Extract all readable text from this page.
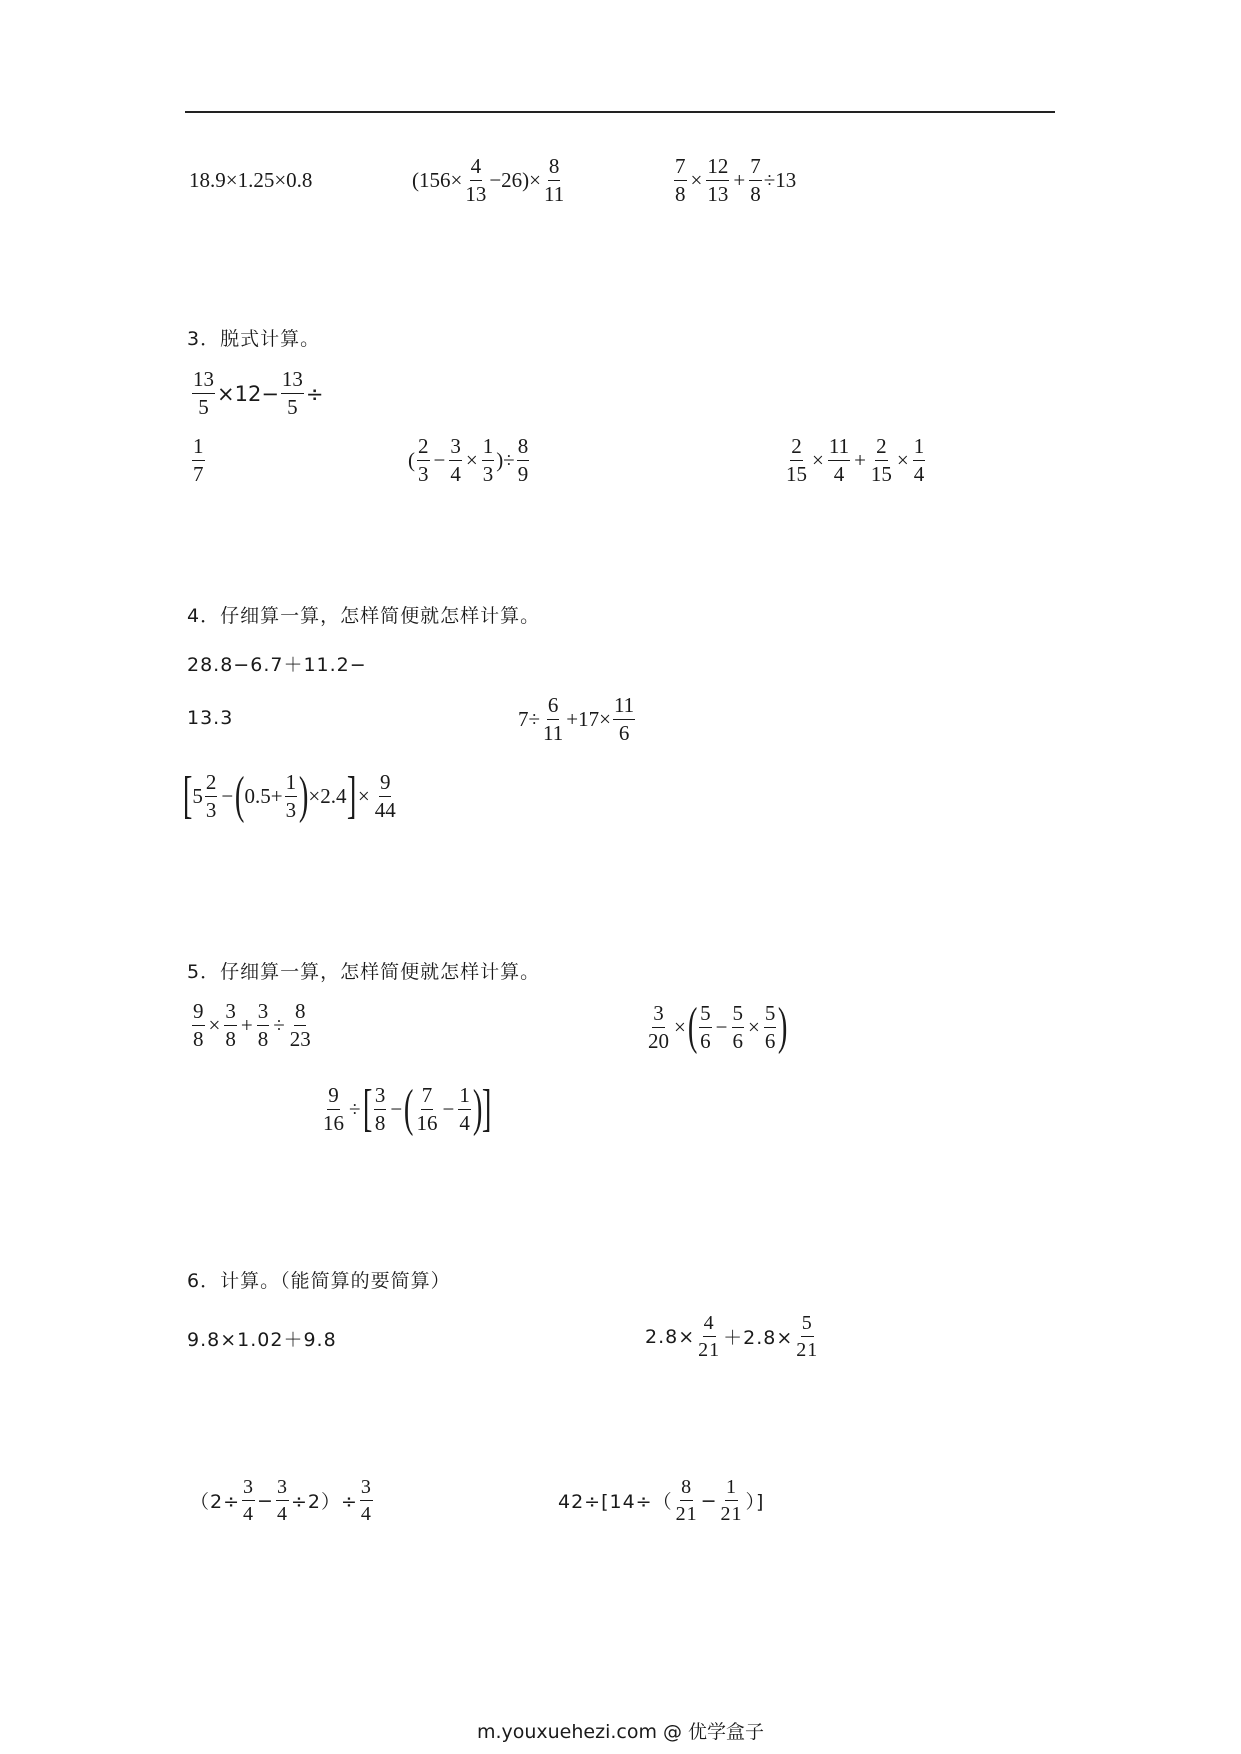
18.9×1.25×0.8	$(156\times \frac{4}{13} -26)\times \frac{8}{11}$	$\frac{7}{8} \times \frac{12}{13} + \frac{7}{8} \div 13$
3．脱式计算。
$\frac{13}{5} \times 12- \frac{13}{5}$ ÷
$\frac{1}{7}$	( $\frac{2}{3} - \frac{3}{4} \times \frac{1}{3}$ )÷ $\frac{8}{9}$	$\frac{2}{15} \times \frac{11}{4} + \frac{2}{15} \times \frac{1}{4}$
4．仔细算一算，怎样简便就怎样计算。
28.8−6.7＋11.2−
13.3	$7\div \frac{6}{11} +17\times \frac{11}{6}$
[ $5 \frac{2}{3}$ − ( $0.5+ \frac{1}{3}$ ) ×2.4 ] × $\frac{9}{44}$
5．仔细算一算，怎样简便就怎样计算。
$\frac{9}{8} \times \frac{3}{8} + \frac{3}{8} \div \frac{8}{23}$	$\frac{3}{20}$ × ( $\frac{5}{6} - \frac{5}{6} \times \frac{5}{6}$ )
$\frac{9}{16}$ ÷ [ $\frac{3}{8}$ − ( $\frac{7}{16} - \frac{1}{4}$ ) ]
6．计算。（能简算的要简算）
9.8×1.02＋9.8	$2.8\times \frac{4}{21} +2.8\times \frac{5}{21}$
$(2\div \frac{3}{4} - \frac{3}{4} \div 2)\div \frac{3}{4}$	$42\div[14\div( \frac{8}{21} - \frac{1}{21}$ ）]
m.youxuehezi.com @ 优学盒子
